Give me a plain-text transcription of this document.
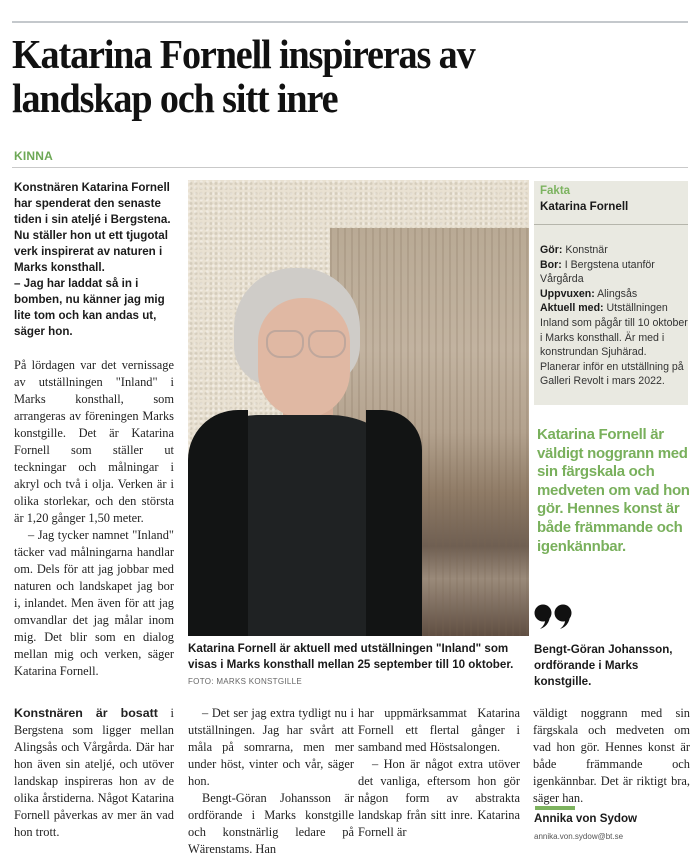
Katarina Fornell inspireras av landskap och sitt inre
KINNA

Konstnären Katarina Fornell har spenderat den senaste tiden i sin ateljé i Bergstena. Nu ställer hon ut ett tjugotal verk inspirerat av naturen i Marks konsthall.
– Jag har laddat så in i bomben, nu känner jag mig lite tom och kan andas ut, säger hon.

På lördagen var det vernissage av utställningen "Inland" i Marks konsthall, som arrangeras av föreningen Marks konstgille. Det är Katarina Fornell som ställer ut teckningar och målningar i akryl och två i olja. Verken är i olika storlekar, och den största är 1,20 gånger 1,50 meter.

– Jag tycker namnet "Inland" täcker vad målningarna handlar om. Dels för att jag jobbar med naturen och landskapet jag bor i, inlandet. Men även för att jag omvandlar det jag målar inom mig. Det blir som en dialog mellan mig och verken, säger Katarina Fornell.

Katarina Fornell är aktuell med utställningen "Inland" som visas i Marks konsthall mellan 25 september till 10 oktober. FOTO: MARKS KONSTGILLE
Fakta
Katarina Fornell
Gör: Konstnär
Bor: I Bergstena utanför Vårgårda
Uppvuxen: Alingsås
Aktuell med: Utställningen Inland som pågår till 10 oktober i Marks konsthall. Är med i konstrundan Sjuhärad. Planerar inför en utställning på Galleri Revolt i mars 2022.
Katarina Fornell är väldigt noggrann med sin färgskala och medveten om vad hon gör. Hennes konst är både främmande och igenkännbar.
Bengt-Göran Johansson, ordförande i Marks konstgille.

Konstnären är bosatt i Bergstena som ligger mellan Alingsås och Vårgårda. Där har hon även sin ateljé, och utöver landskap inspireras hon av de olika årstiderna. Något Katarina Fornell påverkas av mer än vad hon trott.

– Det ser jag extra tydligt nu i utställningen. Jag har svårt att måla på somrarna, men mer under höst, vinter och vår, säger hon.

Bengt-Göran Johansson är ordförande i Marks konstgille och konstnärlig ledare på Wärenstams. Han

har uppmärksammat Katarina Fornell ett flertal gånger i samband med Höstsalongen.

– Hon är något extra utöver det vanliga, eftersom hon gör någon form av abstrakta landskap från sitt inre. Katarina Fornell är

väldigt noggrann med sin färgskala och medveten om vad hon gör. Hennes konst är både främmande och igenkännbar. Det är riktigt bra, säger han.

Annika von Sydow
annika.von.sydow@bt.se
